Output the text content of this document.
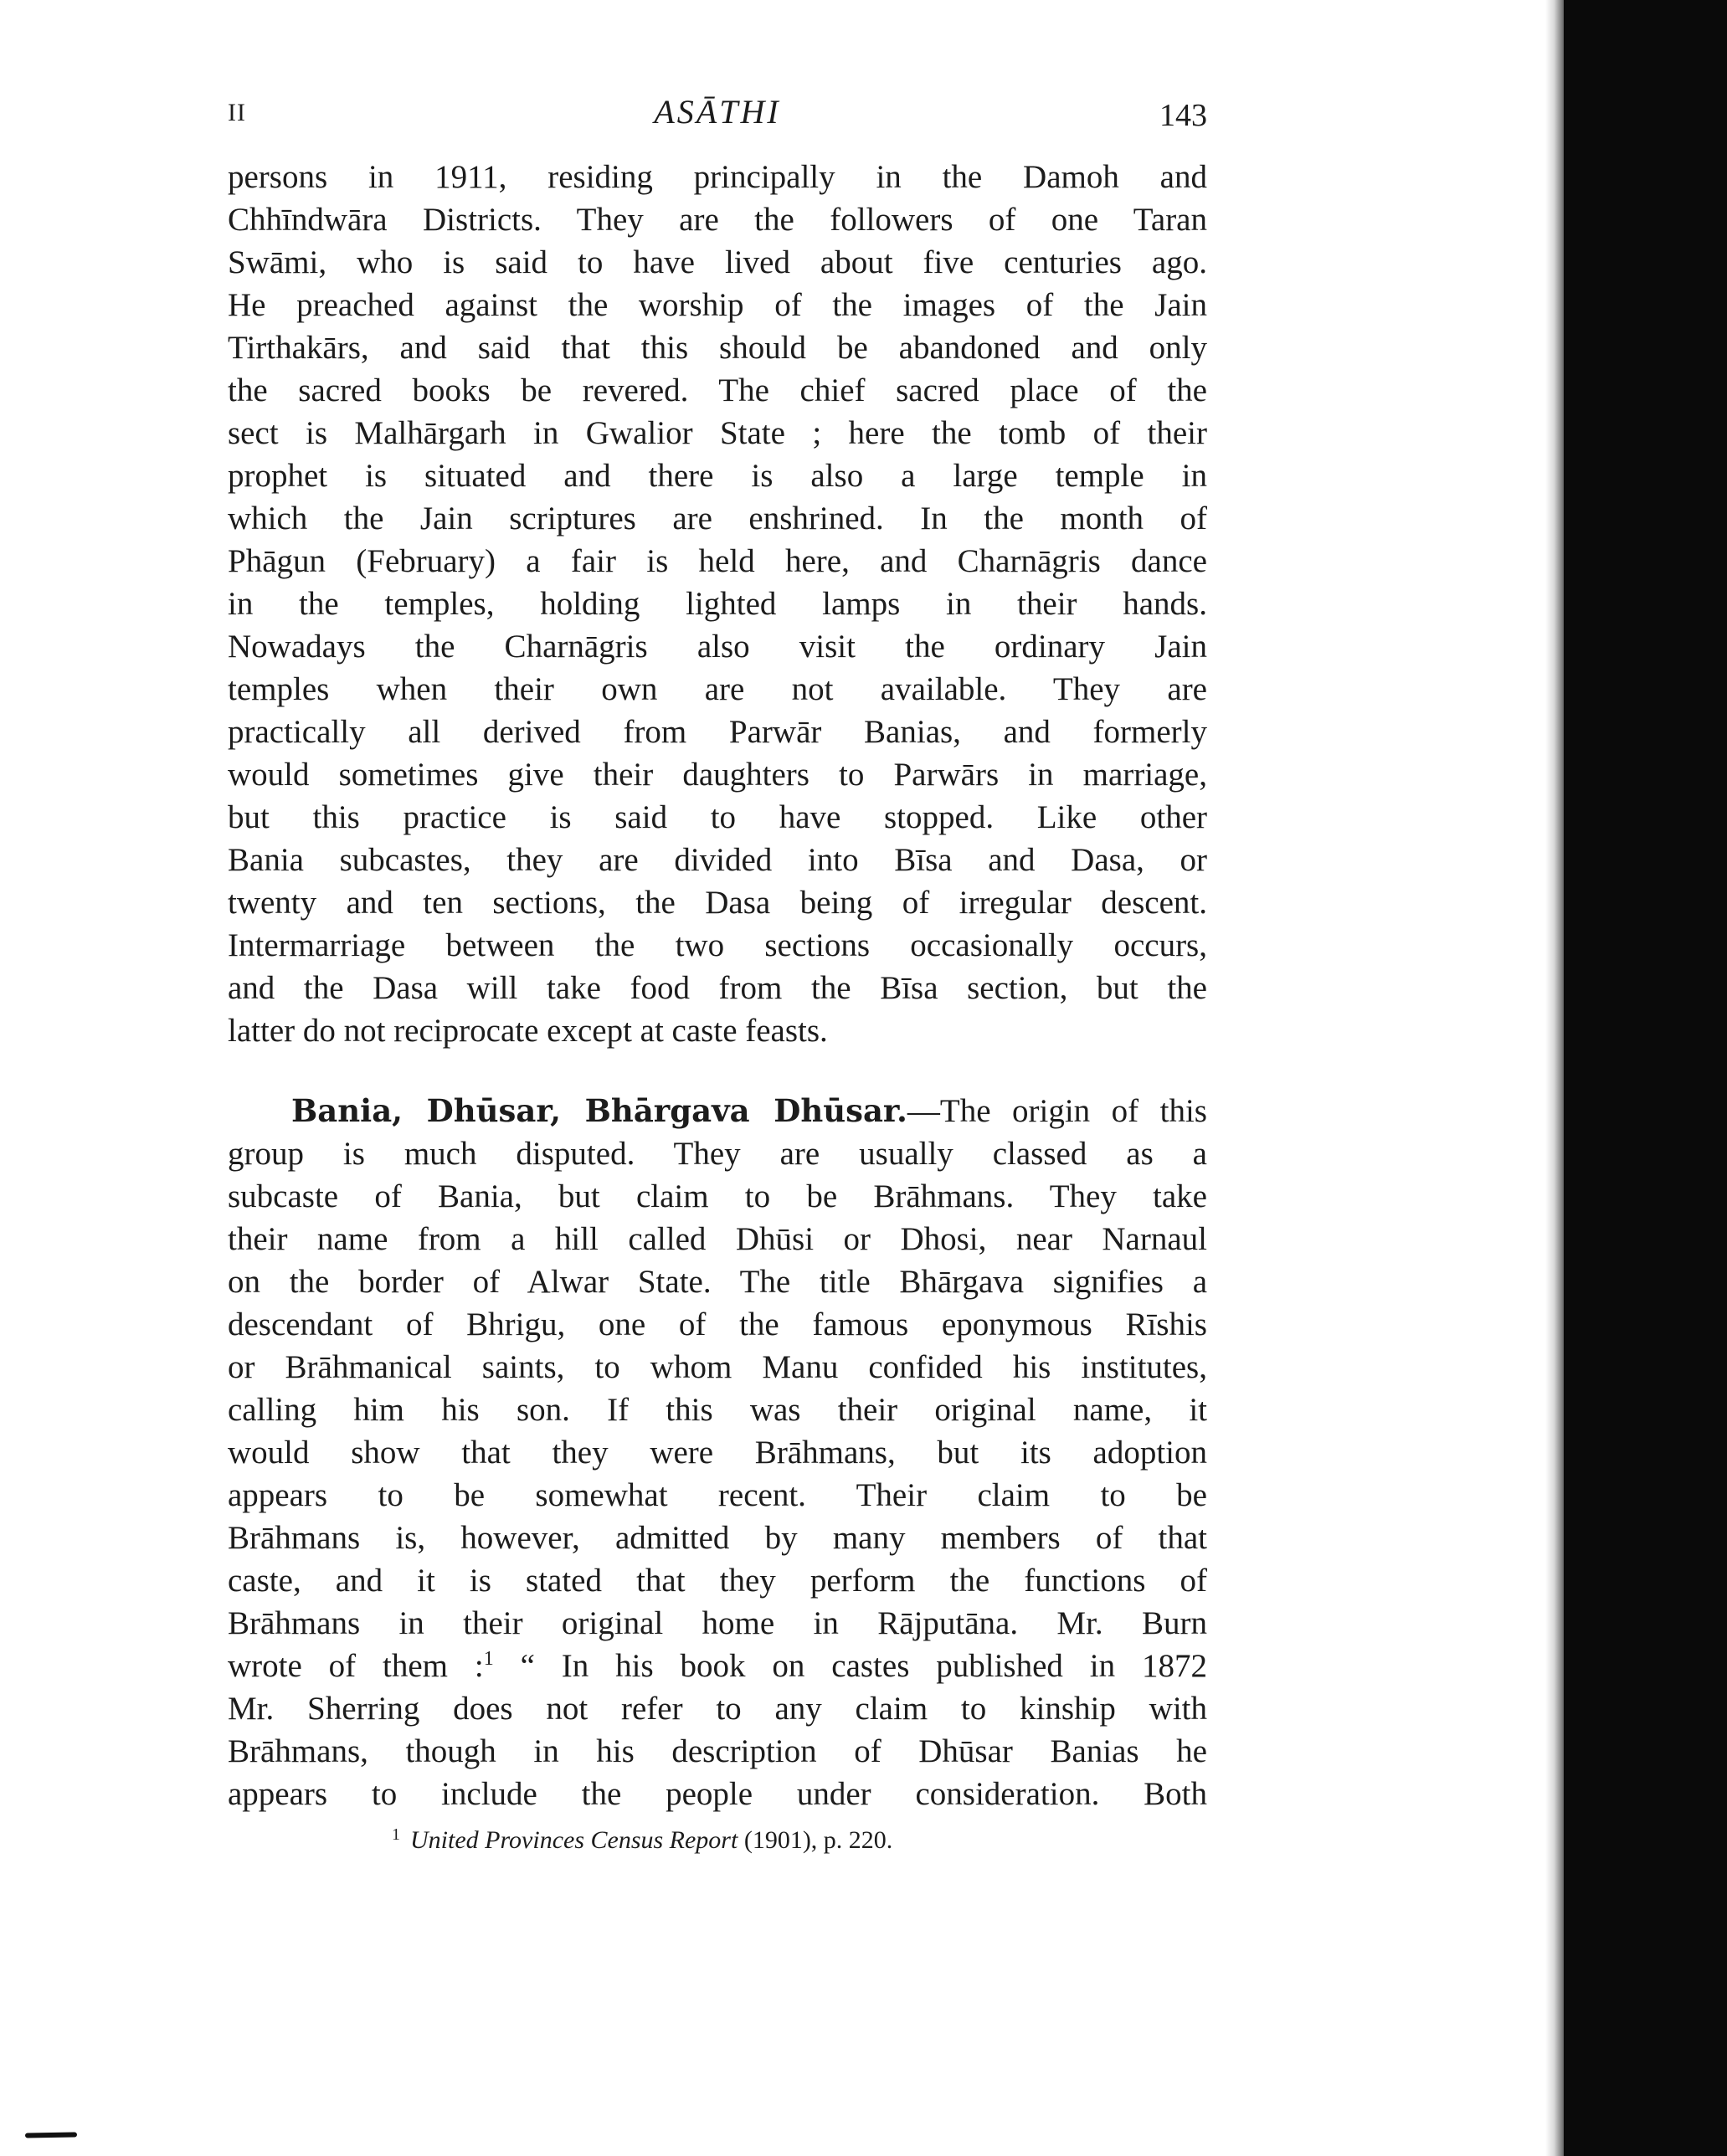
II	ASĀTHI	143
persons in 1911, residing principally in the Damoh and
Chhīndwāra Districts. They are the followers of one Taran
Swāmi, who is said to have lived about five centuries ago.
He preached against the worship of the images of the Jain
Tirthakārs, and said that this should be abandoned and only
the sacred books be revered. The chief sacred place of the
sect is Malhārgarh in Gwalior State ; here the tomb of their
prophet is situated and there is also a large temple in
which the Jain scriptures are enshrined. In the month of
Phāgun (February) a fair is held here, and Charnāgris dance
in the temples, holding lighted lamps in their hands.
Nowadays the Charnāgris also visit the ordinary Jain
temples when their own are not available. They are
practically all derived from Parwār Banias, and formerly
would sometimes give their daughters to Parwārs in marriage,
but this practice is said to have stopped. Like other
Bania subcastes, they are divided into Bīsa and Dasa, or
twenty and ten sections, the Dasa being of irregular descent.
Intermarriage between the two sections occasionally occurs,
and the Dasa will take food from the Bīsa section, but the
latter do not reciprocate except at caste feasts.
Bania, Dhūsar, Bhārgava Dhūsar.—The origin of this
group is much disputed. They are usually classed as a
subcaste of Bania, but claim to be Brāhmans. They take
their name from a hill called Dhūsi or Dhosi, near Narnaul
on the border of Alwar State. The title Bhārgava signifies a
descendant of Bhrigu, one of the famous eponymous Rīshis
or Brāhmanical saints, to whom Manu confided his institutes,
calling him his son. If this was their original name, it
would show that they were Brāhmans, but its adoption
appears to be somewhat recent. Their claim to be
Brāhmans is, however, admitted by many members of that
caste, and it is stated that they perform the functions of
Brāhmans in their original home in Rājputāna. Mr. Burn
wrote of them :$^1$ “ In his book on castes published in 1872
Mr. Sherring does not refer to any claim to kinship with
Brāhmans, though in his description of Dhūsar Banias he
appears to include the people under consideration. Both
$^1$ United Provinces Census Report (1901), p. 220.
